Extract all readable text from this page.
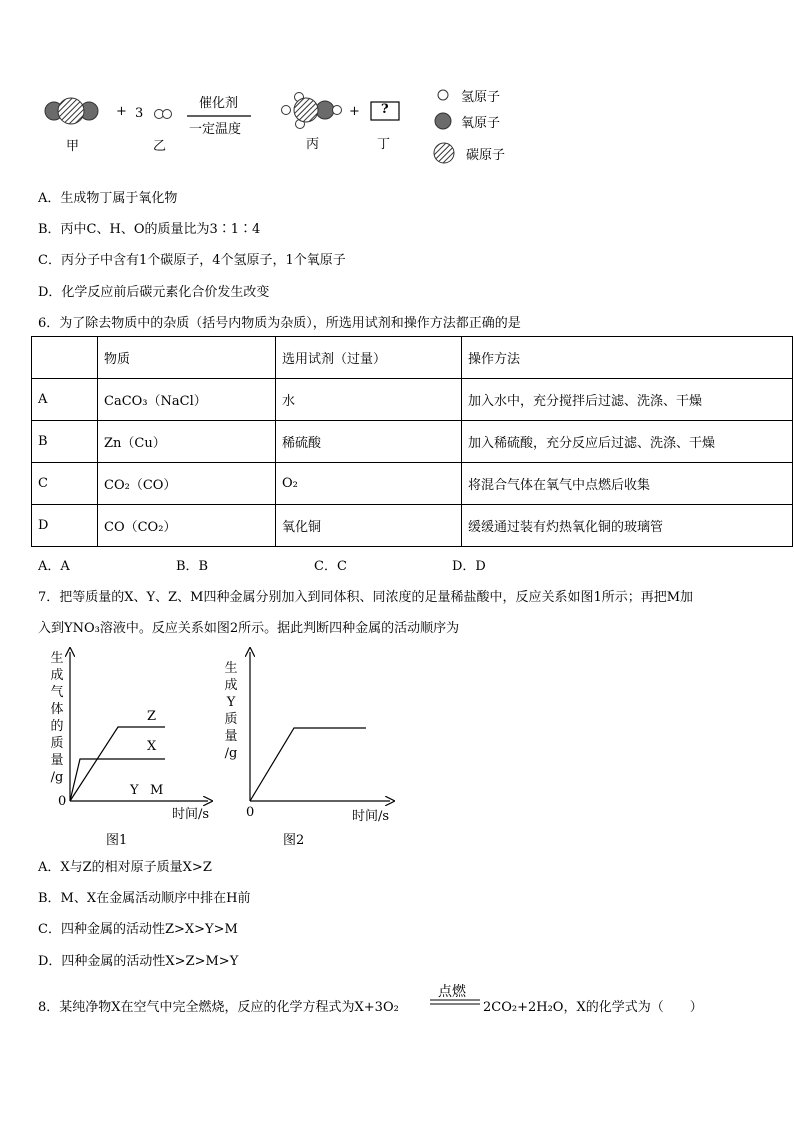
+ 3
催化剂
一定温度
+ ?
甲	乙	丙	丁
氢原子
氧原子
碳原子
A．生成物丁属于氧化物
B．丙中C、H、O的质量比为3∶1∶4
C．丙分子中含有1个碳原子，4个氢原子，1个氧原子
D．化学反应前后碳元素化合价发生改变
6．为了除去物质中的杂质（括号内物质为杂质），所选用试剂和操作方法都正确的是
	物质	选用试剂（过量）	操作方法
A	CaCO₃（NaCl）	水	加入水中，充分搅拌后过滤、洗涤、干燥
B	Zn（Cu）	稀硫酸	加入稀硫酸，充分反应后过滤、洗涤、干燥
C	CO₂（CO）	O₂	将混合气体在氧气中点燃后收集
D	CO（CO₂）	氧化铜	缓缓通过装有灼热氧化铜的玻璃管
A．A	B．B	C．C	D．D
7．把等质量的X、Y、Z、M四种金属分别加入到同体积、同浓度的足量稀盐酸中，反应关系如图1所示；再把M加
入到YNO₃溶液中。反应关系如图2所示。据此判断四种金属的活动顺序为
生
成
气
体
的
质
量
/g
0
Z
X
Y M
时间/s
图1
生
成
Y
质
量
/g
0	时间/s
图2
A．X与Z的相对原子质量X>Z
B．M、X在金属活动顺序中排在H前
C．四种金属的活动性Z>X>Y>M
D．四种金属的活动性X>Z>M>Y
8．某纯净物X在空气中完全燃烧，反应的化学方程式为X+3O₂
点燃
2CO₂+2H₂O，X的化学式为（　　）
